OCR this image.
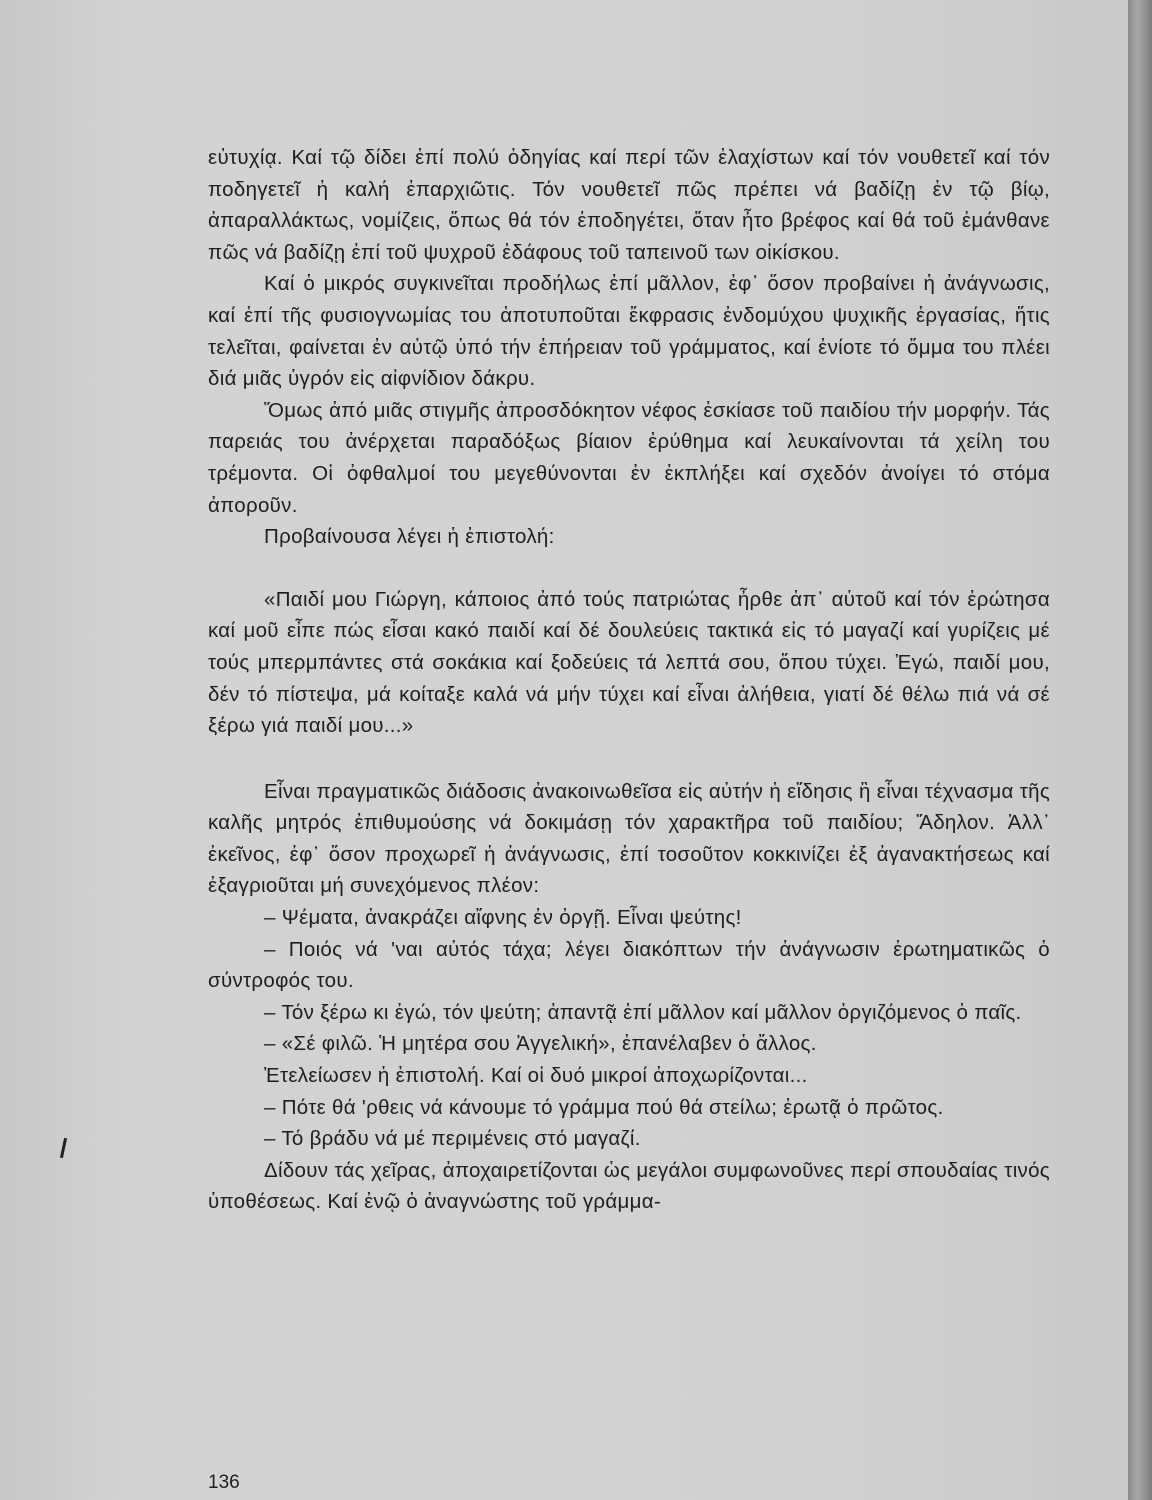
εὐτυχίᾳ. Καί τῷ δίδει ἐπί πολύ ὁδηγίας καί περί τῶν ἐλαχίστων καί τόν νουθετεῖ καί τόν ποδηγετεῖ ἡ καλή ἐπαρχιῶτις. Τόν νουθετεῖ πῶς πρέπει νά βαδίζῃ ἐν τῷ βίῳ, ἀπαραλλάκτως, νομίζεις, ὅπως θά τόν ἐποδηγέτει, ὅταν ἦτο βρέφος καί θά τοῦ ἐμάνθανε πῶς νά βαδίζῃ ἐπί τοῦ ψυχροῦ ἐδάφους τοῦ ταπεινοῦ των οἰκίσκου.

Καί ὁ μικρός συγκινεῖται προδήλως ἐπί μᾶλλον, ἐφ᾽ ὅσον προβαίνει ἡ ἀνάγνωσις, καί ἐπί τῆς φυσιογνωμίας του ἀποτυποῦται ἔκφρασις ἐνδομύχου ψυχικῆς ἐργασίας, ἥτις τελεῖται, φαίνεται ἐν αὐτῷ ὑπό τήν ἐπήρειαν τοῦ γράμματος, καί ἐνίοτε τό ὄμμα του πλέει διά μιᾶς ὑγρόν εἰς αἰφνίδιον δάκρυ.

Ὅμως ἀπό μιᾶς στιγμῆς ἀπροσδόκητον νέφος ἐσκίασε τοῦ παιδίου τήν μορφήν. Τάς παρειάς του ἀνέρχεται παραδόξως βίαιον ἐρύθημα καί λευκαίνονται τά χείλη του τρέμοντα. Οἱ ὀφθαλμοί του μεγεθύνονται ἐν ἐκπλήξει καί σχεδόν ἀνοίγει τό στόμα ἀποροῦν.

Προβαίνουσα λέγει ἡ ἐπιστολή:

«Παιδί μου Γιώργη, κάποιος ἀπό τούς πατριώτας ἦρθε ἀπ᾽ αὐτοῦ καί τόν ἐρώτησα καί μοῦ εἶπε πώς εἶσαι κακό παιδί καί δέ δουλεύεις τακτικά εἰς τό μαγαζί καί γυρίζεις μέ τούς μπερμπάντες στά σοκάκια καί ξοδεύεις τά λεπτά σου, ὅπου τύχει. Ἐγώ, παιδί μου, δέν τό πίστεψα, μά κοίταξε καλά νά μήν τύχει καί εἶναι ἀλήθεια, γιατί δέ θέλω πιά νά σέ ξέρω γιά παιδί μου...»

Εἶναι πραγματικῶς διάδοσις ἀνακοινωθεῖσα εἰς αὐτήν ἡ εἴδησις ἢ εἶναι τέχνασμα τῆς καλῆς μητρός ἐπιθυμούσης νά δοκιμάσῃ τόν χαρακτῆρα τοῦ παιδίου; Ἄδηλον. Ἀλλ᾽ ἐκεῖνος, ἐφ᾽ ὅσον προχωρεῖ ἡ ἀνάγνωσις, ἐπί τοσοῦτον κοκκινίζει ἐξ ἀγανακτήσεως καί ἐξαγριοῦται μή συνεχόμενος πλέον:

– Ψέματα, ἀνακράζει αἴφνης ἐν ὀργῇ. Εἶναι ψεύτης!

– Ποιός νά 'ναι αὐτός τάχα; λέγει διακόπτων τήν ἀνάγνωσιν ἐρωτηματικῶς ὁ σύντροφός του.

– Τόν ξέρω κι ἐγώ, τόν ψεύτη; ἀπαντᾷ ἐπί μᾶλλον καί μᾶλλον ὀργιζόμενος ὁ παῖς.

– «Σέ φιλῶ. Ἡ μητέρα σου Ἀγγελική», ἐπανέλαβεν ὁ ἄλλος.

Ἐτελείωσεν ἡ ἐπιστολή. Καί οἱ δυό μικροί ἀποχωρίζονται...

– Πότε θά 'ρθεις νά κάνουμε τό γράμμα πού θά στείλω; ἐρωτᾷ ὁ πρῶτος.

– Τό βράδυ νά μέ περιμένεις στό μαγαζί.

Δίδουν τάς χεῖρας, ἀποχαιρετίζονται ὡς μεγάλοι συμφωνοῦνες περί σπουδαίας τινός ὑποθέσεως. Καί ἐνῷ ὁ ἀναγνώστης τοῦ γράμμα-

136
